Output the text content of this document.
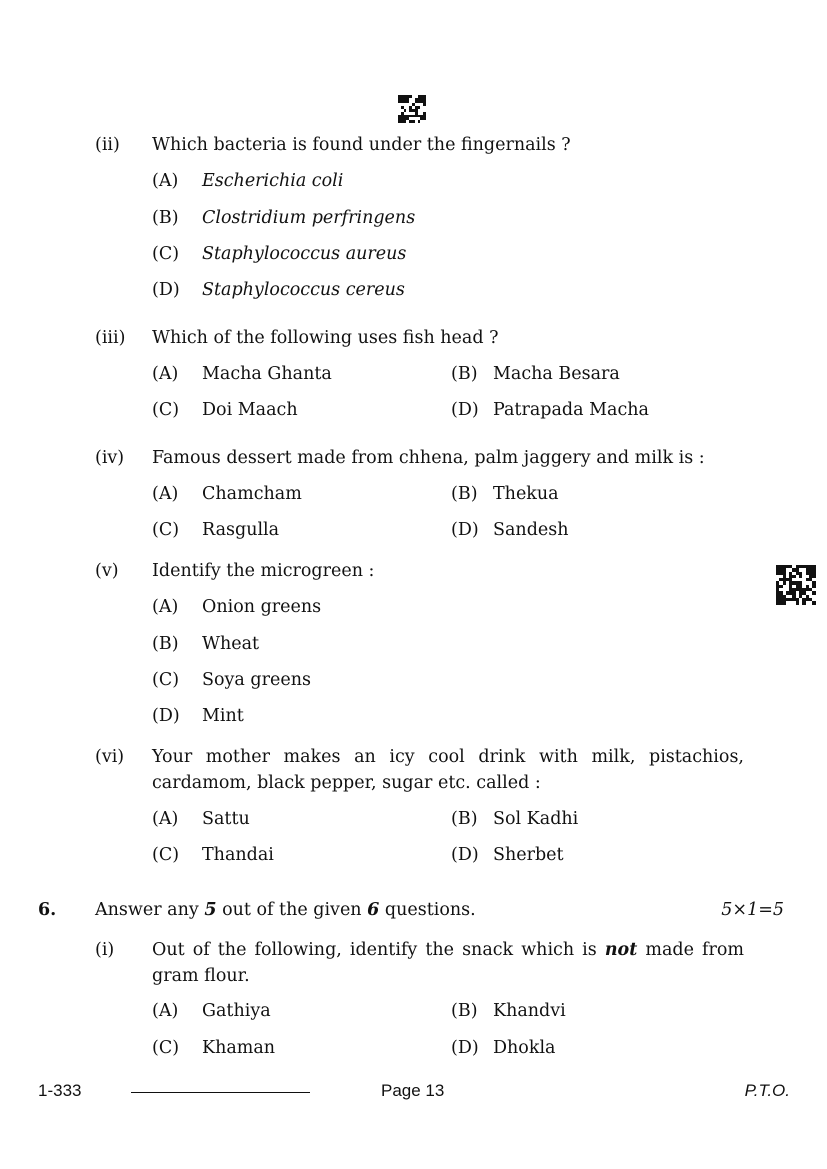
(ii) Which bacteria is found under the fingernails ?
(A) Escherichia coli
(B) Clostridium perfringens
(C) Staphylococcus aureus
(D) Staphylococcus cereus
(iii) Which of the following uses fish head ?
(A) Macha Ghanta	(B) Macha Besara
(C) Doi Maach	(D) Patrapada Macha
(iv) Famous dessert made from chhena, palm jaggery and milk is :
(A) Chamcham	(B) Thekua
(C) Rasgulla	(D) Sandesh
(v) Identify the microgreen :
(A) Onion greens
(B) Wheat
(C) Soya greens
(D) Mint
(vi) Your mother makes an icy cool drink with milk, pistachios,
cardamom, black pepper, sugar etc. called :
(A) Sattu	(B) Sol Kadhi
(C) Thandai	(D) Sherbet
6. Answer any 5 out of the given 6 questions.	5×1=5
(i) Out of the following, identify the snack which is not made from
gram flour.
(A) Gathiya	(B) Khandvi
(C) Khaman	(D) Dhokla
1-333	Page 13	P.T.O.
